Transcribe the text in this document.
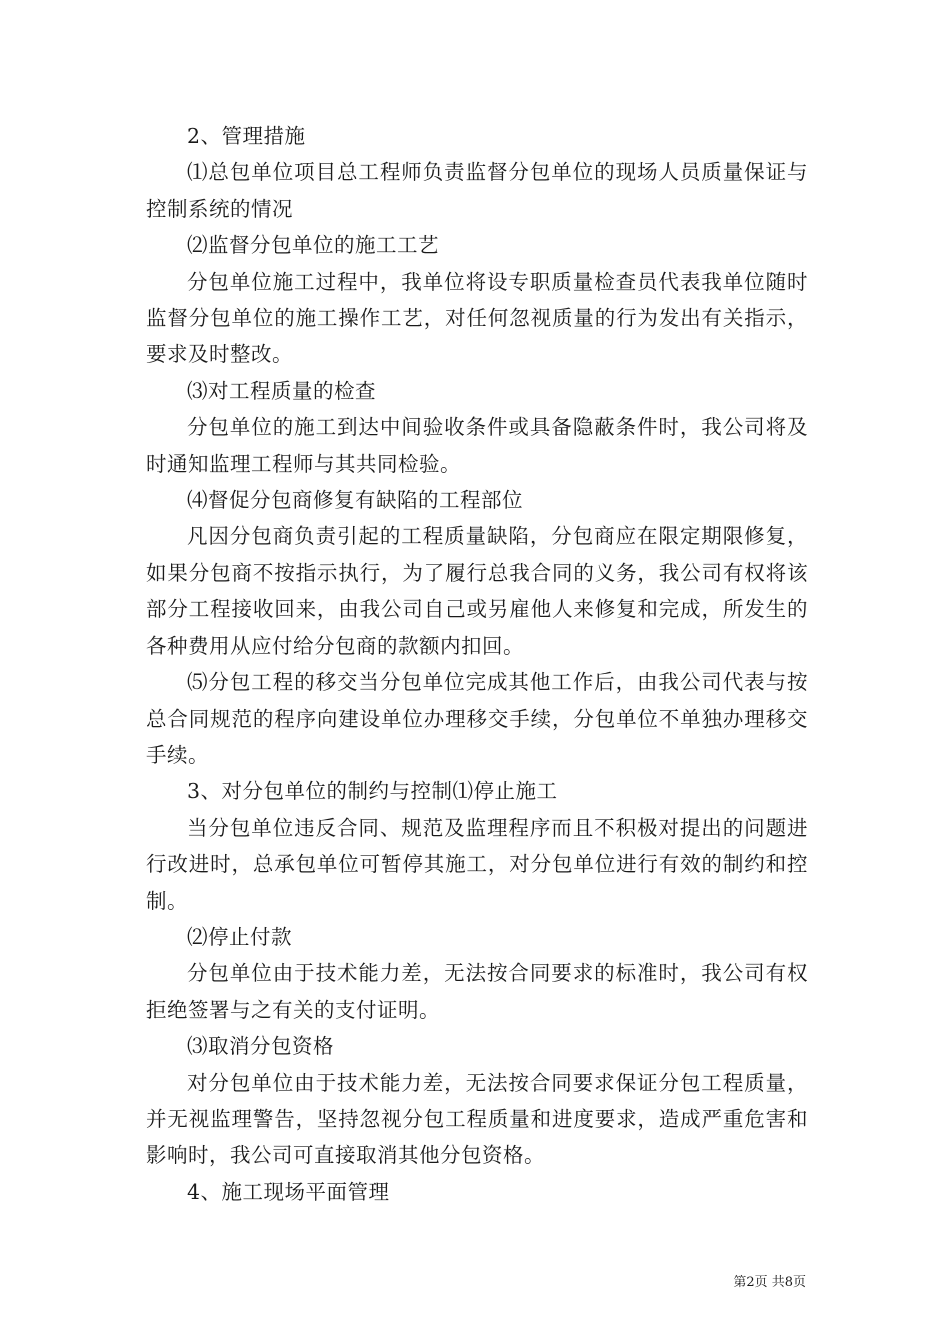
2、管理措施

⑴总包单位项目总工程师负责监督分包单位的现场人员质量保证与控制系统的情况

⑵监督分包单位的施工工艺

分包单位施工过程中，我单位将设专职质量检查员代表我单位随时监督分包单位的施工操作工艺，对任何忽视质量的行为发出有关指示，要求及时整改。

⑶对工程质量的检查

分包单位的施工到达中间验收条件或具备隐蔽条件时，我公司将及时通知监理工程师与其共同检验。

⑷督促分包商修复有缺陷的工程部位

凡因分包商负责引起的工程质量缺陷，分包商应在限定期限修复，如果分包商不按指示执行，为了履行总我合同的义务，我公司有权将该部分工程接收回来，由我公司自己或另雇他人来修复和完成，所发生的各种费用从应付给分包商的款额内扣回。

⑸分包工程的移交当分包单位完成其他工作后，由我公司代表与按总合同规范的程序向建设单位办理移交手续，分包单位不单独办理移交手续。

3、对分包单位的制约与控制⑴停止施工

当分包单位违反合同、规范及监理程序而且不积极对提出的问题进行改进时，总承包单位可暂停其施工，对分包单位进行有效的制约和控制。

⑵停止付款

分包单位由于技术能力差，无法按合同要求的标准时，我公司有权拒绝签署与之有关的支付证明。

⑶取消分包资格

对分包单位由于技术能力差，无法按合同要求保证分包工程质量，并无视监理警告，坚持忽视分包工程质量和进度要求，造成严重危害和影响时，我公司可直接取消其他分包资格。

4、施工现场平面管理

第2页 共8页
